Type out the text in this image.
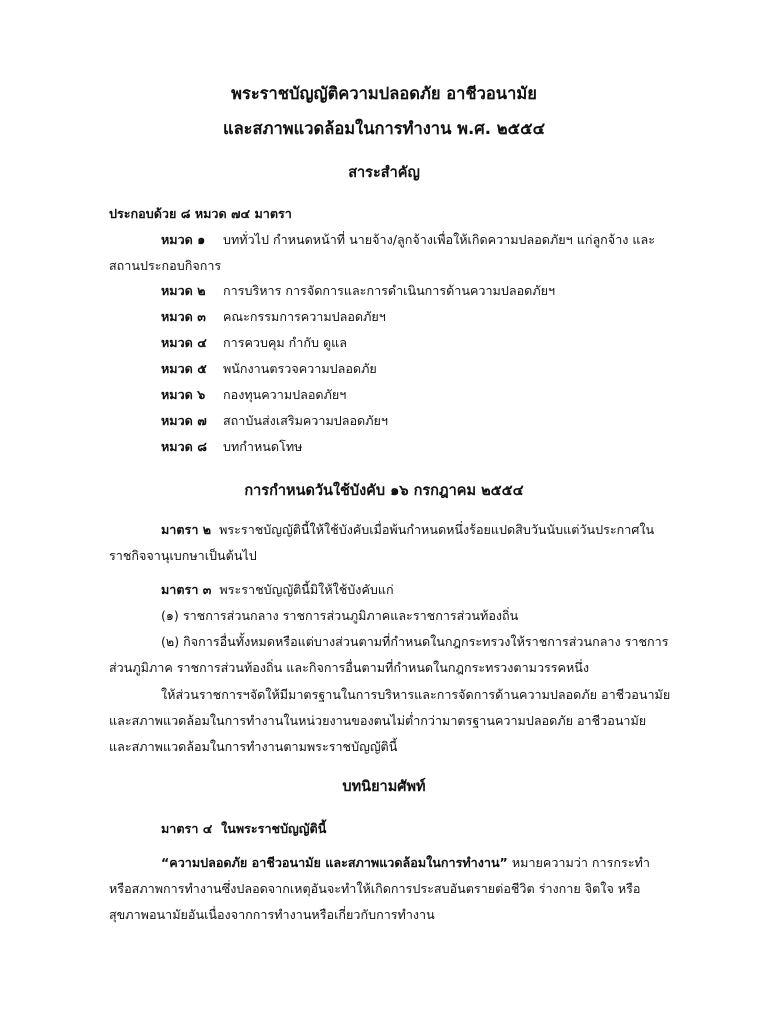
พระราชบัญญัติความปลอดภัย อาชีวอนามัย
และสภาพแวดล้อมในการทำงาน พ.ศ. ๒๕๕๔
สาระสำคัญ
ประกอบด้วย ๘ หมวด ๗๔ มาตรา
หมวด ๑ บททั่วไป กำหนดหน้าที่ นายจ้าง/ลูกจ้างเพื่อให้เกิดความปลอดภัยฯ แก่ลูกจ้าง และ
สถานประกอบกิจการ
หมวด ๒ การบริหาร การจัดการและการดำเนินการด้านความปลอดภัยฯ
หมวด ๓ คณะกรรมการความปลอดภัยฯ
หมวด ๔ การควบคุม กำกับ ดูแล
หมวด ๕ พนักงานตรวจความปลอดภัย
หมวด ๖ กองทุนความปลอดภัยฯ
หมวด ๗ สถาบันส่งเสริมความปลอดภัยฯ
หมวด ๘ บทกำหนดโทษ
การกำหนดวันใช้บังคับ ๑๖ กรกฎาคม ๒๕๕๔
มาตรา ๒ พระราชบัญญัตินี้ให้ใช้บังคับเมื่อพ้นกำหนดหนึ่งร้อยแปดสิบวันนับแต่วันประกาศใน
ราชกิจจานุเบกษาเป็นต้นไป
มาตรา ๓ พระราชบัญญัตินี้มิให้ใช้บังคับแก่
(๑) ราชการส่วนกลาง ราชการส่วนภูมิภาคและราชการส่วนท้องถิ่น
(๒) กิจการอื่นทั้งหมดหรือแต่บางส่วนตามที่กำหนดในกฎกระทรวงให้ราชการส่วนกลาง ราชการ
ส่วนภูมิภาค ราชการส่วนท้องถิ่น และกิจการอื่นตามที่กำหนดในกฎกระทรวงตามวรรคหนึ่ง
ให้ส่วนราชการฯจัดให้มีมาตรฐานในการบริหารและการจัดการด้านความปลอดภัย อาชีวอนามัย
และสภาพแวดล้อมในการทำงานในหน่วยงานของตนไม่ต่ำกว่ามาตรฐานความปลอดภัย อาชีวอนามัย
และสภาพแวดล้อมในการทำงานตามพระราชบัญญัตินี้
บทนิยามศัพท์
มาตรา ๔ ในพระราชบัญญัตินี้
“ความปลอดภัย อาชีวอนามัย และสภาพแวดล้อมในการทำงาน” หมายความว่า การกระทำ
หรือสภาพการทำงานซึ่งปลอดจากเหตุอันจะทำให้เกิดการประสบอันตรายต่อชีวิต ร่างกาย จิตใจ หรือ
สุขภาพอนามัยอันเนื่องจากการทำงานหรือเกี่ยวกับการทำงาน
